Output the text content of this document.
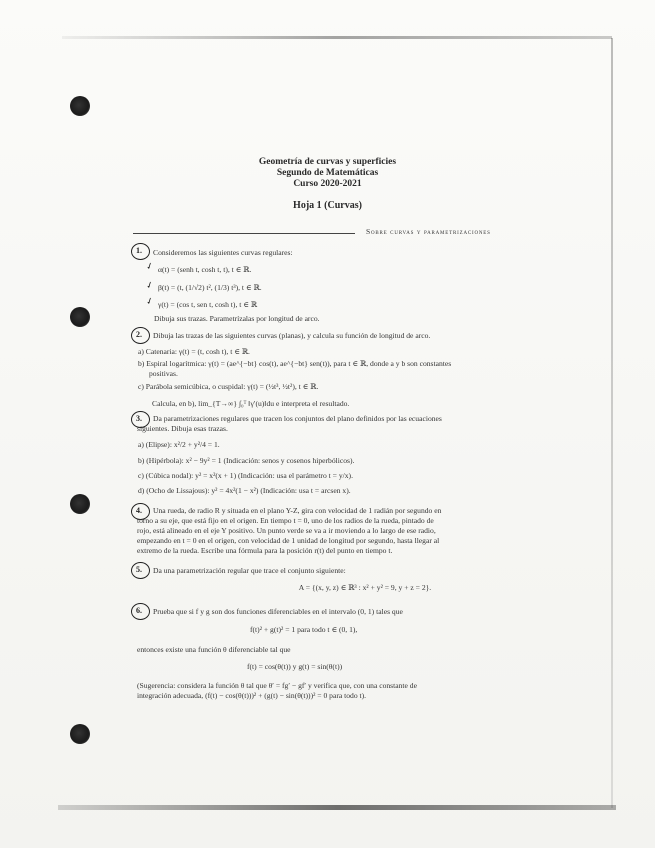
Geometría de curvas y superficies
Segundo de Matemáticas
Curso 2020-2021
Hoja 1 (Curvas)
Sobre curvas y parametrizaciones
1. Consideremos las siguientes curvas regulares:
✓ α(t) = (senh t, cosh t, t), t ∈ ℝ.
✓ β(t) = (t, (1/√2) t², (1/3) t³), t ∈ ℝ.
✓ γ(t) = (cos t, sen t, cosh t), t ∈ ℝ
Dibuja sus trazas. Parametrízalas por longitud de arco.
2. Dibuja las trazas de las siguientes curvas (planas), y calcula su función de longitud de arco.
a) Catenaria: γ(t) = (t, cosh t), t ∈ ℝ.
b) Espiral logarítmica: γ(t) = (ae^{−bt} cos(t), ae^{−bt} sen(t)), para t ∈ ℝ, donde a y b son constantes
positivas.
c) Parábola semicúbica, o cuspidal: γ(t) = (½t³, ½t²), t ∈ ℝ.
Calcula, en b), lim_{T→∞} ∫₀ᵀ ‖γ′(u)‖du e interpreta el resultado.
3. Da parametrizaciones regulares que tracen los conjuntos del plano definidos por las ecuaciones
siguientes. Dibuja esas trazas.
a) (Elipse): x²/2 + y²/4 = 1.
b) (Hipérbola): x² − 9y² = 1 (Indicación: senos y cosenos hiperbólicos).
c) (Cúbica nodal): y² = x²(x + 1) (Indicación: usa el parámetro t = y/x).
d) (Ocho de Lissajous): y² = 4x²(1 − x²) (Indicación: usa t = arcsen x).
4. Una rueda, de radio R y situada en el plano Y-Z, gira con velocidad de 1 radián por segundo en
torno a su eje, que está fijo en el origen. En tiempo t = 0, uno de los radios de la rueda, pintado de
rojo, está alineado en el eje Y positivo. Un punto verde se va a ir moviendo a lo largo de ese radio,
empezando en t = 0 en el origen, con velocidad de 1 unidad de longitud por segundo, hasta llegar al
extremo de la rueda. Escribe una fórmula para la posición r(t) del punto en tiempo t.
5. Da una parametrización regular que trace el conjunto siguiente:
A = {(x, y, z) ∈ ℝ³ : x² + y² = 9, y + z = 2}.
6. Prueba que si f y g son dos funciones diferenciables en el intervalo (0, 1) tales que
f(t)² + g(t)² = 1 para todo t ∈ (0, 1),
entonces existe una función θ diferenciable tal que
f(t) = cos(θ(t)) y g(t) = sin(θ(t))
(Sugerencia: considera la función θ tal que θ′ = fg′ − gf′ y verifica que, con una constante de
integración adecuada, (f(t) − cos(θ(t)))² + (g(t) − sin(θ(t)))² = 0 para todo t).
